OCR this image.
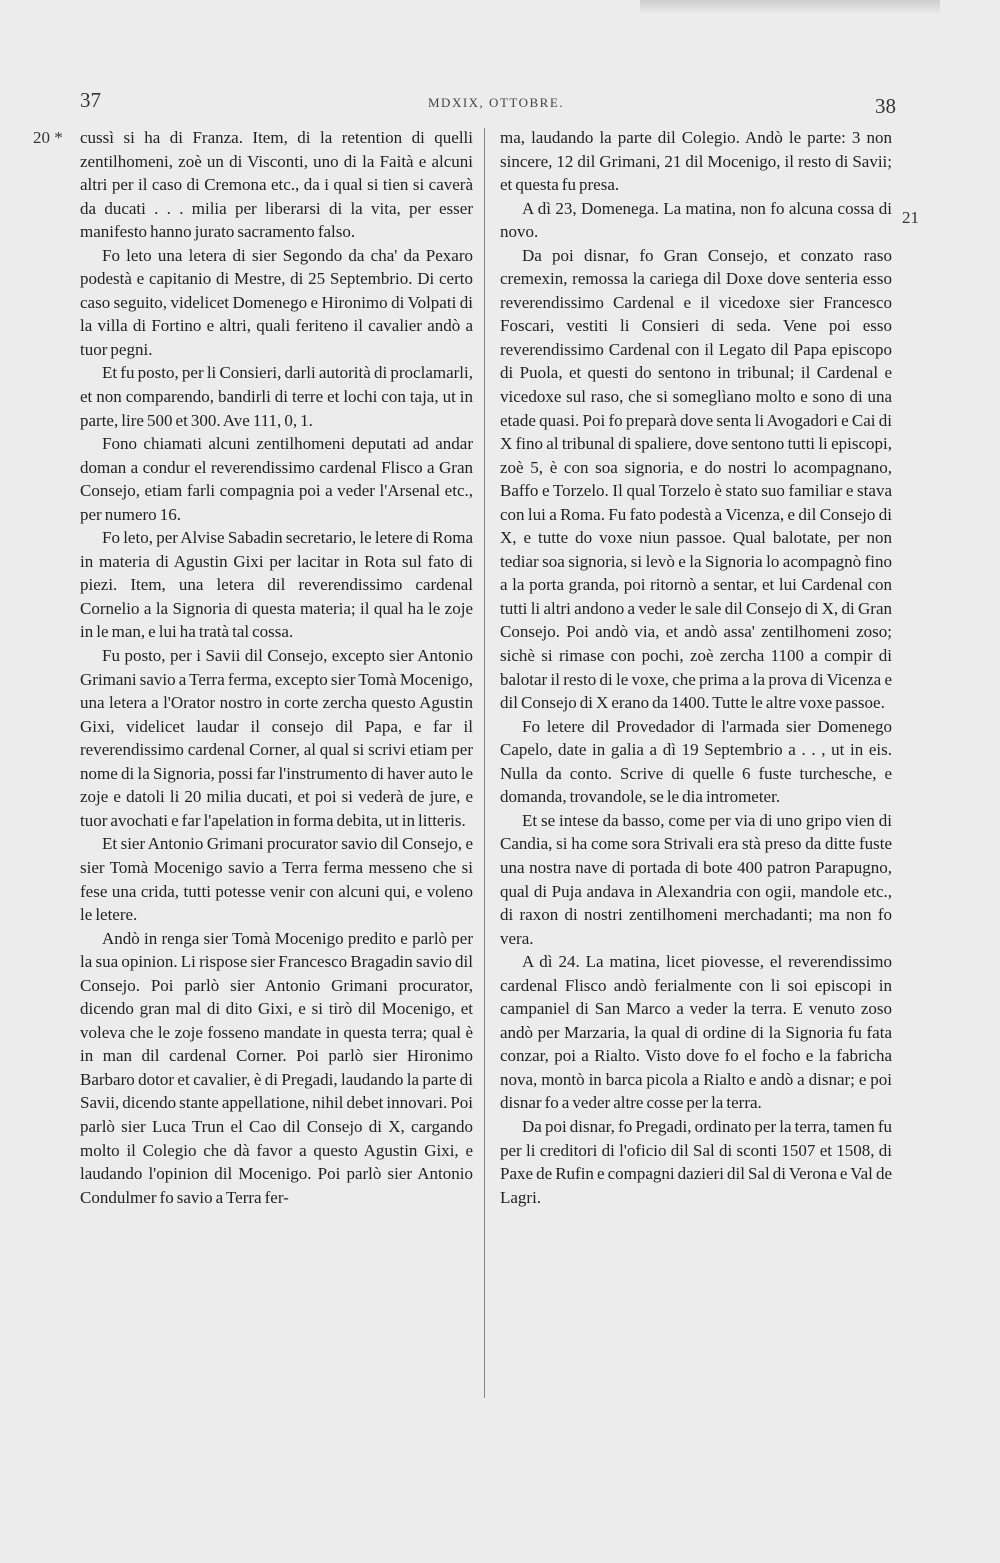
37	MDXIX, OTTOBRE.	38
20 *
21

cussì si ha di Franza. Item, di la retention di quelli zentilhomeni, zoè un di Visconti, uno di la Faità e alcuni altri per il caso di Cremona etc., da i qual si tien si caverà da ducati . . . milia per liberarsi di la vita, per esser manifesto hanno jurato sacramento falso.

Fo leto una letera di sier Segondo da cha' da Pexaro podestà e capitanio di Mestre, di 25 Septembrio. Di certo caso seguito, videlicet Domenego e Hironimo di Volpati di la villa di Fortino e altri, quali feriteno il cavalier andò a tuor pegni.

Et fu posto, per li Consieri, darli autorità di proclamarli, et non comparendo, bandirli di terre et lochi con taja, ut in parte, lire 500 et 300. Ave 111, 0, 1.

Fono chiamati alcuni zentilhomeni deputati ad andar doman a condur el reverendissimo cardenal Flisco a Gran Consejo, etiam farli compagnia poi a veder l'Arsenal etc., per numero 16.

Fo leto, per Alvise Sabadin secretario, le letere di Roma in materia di Agustin Gixi per lacitar in Rota sul fato di piezi. Item, una letera dil reverendissimo cardenal Cornelio a la Signoria di questa materia; il qual ha le zoje in le man, e lui ha tratà tal cossa.

Fu posto, per i Savii dil Consejo, excepto sier Antonio Grimani savio a Terra ferma, excepto sier Tomà Mocenigo, una letera a l'Orator nostro in corte zercha questo Agustin Gixi, videlicet laudar il consejo dil Papa, e far il reverendissimo cardenal Corner, al qual si scrivi etiam per nome di la Signoria, possi far l'instrumento di haver auto le zoje e datoli li 20 milia ducati, et poi si vederà de jure, e tuor avochati e far l'apelation in forma debita, ut in litteris.

Et sier Antonio Grimani procurator savio dil Consejo, e sier Tomà Mocenigo savio a Terra ferma messeno che si fese una crida, tutti potesse venir con alcuni qui, e voleno le letere.

Andò in renga sier Tomà Mocenigo predito e parlò per la sua opinion. Li rispose sier Francesco Bragadin savio dil Consejo. Poi parlò sier Antonio Grimani procurator, dicendo gran mal di dito Gixi, e si tirò dil Mocenigo, et voleva che le zoje fosseno mandate in questa terra; qual è in man dil cardenal Corner. Poi parlò sier Hironimo Barbaro dotor et cavalier, è di Pregadi, laudando la parte di Savii, dicendo stante appellatione, nihil debet innovari. Poi parlò sier Luca Trun el Cao dil Consejo di X, cargando molto il Colegio che dà favor a questo Agustin Gixi, e laudando l'opinion dil Mocenigo. Poi parlò sier Antonio Condulmer fo savio a Terra fer-

ma, laudando la parte dil Colegio. Andò le parte: 3 non sincere, 12 dil Grimani, 21 dil Mocenigo, il resto di Savii; et questa fu presa.

A dì 23, Domenega. La matina, non fo alcuna cossa di novo.

Da poi disnar, fo Gran Consejo, et conzato raso cremexin, remossa la cariega dil Doxe dove senteria esso reverendissimo Cardenal e il vicedoxe sier Francesco Foscari, vestiti li Consieri di seda. Vene poi esso reverendissimo Cardenal con il Legato dil Papa episcopo di Puola, et questi do sentono in tribunal; il Cardenal e vicedoxe sul raso, che si someglìano molto e sono di una etade quasi. Poi fo preparà dove senta li Avogadori e Cai di X fino al tribunal di spaliere, dove sentono tutti li episcopi, zoè 5, è con soa signoria, e do nostri lo acompagnano, Baffo e Torzelo. Il qual Torzelo è stato suo familiar e stava con lui a Roma. Fu fato podestà a Vicenza, e dil Consejo di X, e tutte do voxe niun passoe. Qual balotate, per non tediar soa signoria, si levò e la Signoria lo acompagnò fino a la porta granda, poi ritornò a sentar, et lui Cardenal con tutti li altri andono a veder le sale dil Consejo di X, di Gran Consejo. Poi andò via, et andò assa' zentilhomeni zoso; sichè si rimase con pochi, zoè zercha 1100 a compir di balotar il resto di le voxe, che prima a la prova di Vicenza e dil Consejo di X erano da 1400. Tutte le altre voxe passoe.

Fo letere dil Provedador di l'armada sier Domenego Capelo, date in galia a dì 19 Septembrio a . . , ut in eis. Nulla da conto. Scrive di quelle 6 fuste turchesche, e domanda, trovandole, se le dia intrometer.

Et se intese da basso, come per via di uno gripo vien di Candia, si ha come sora Strivali era stà preso da ditte fuste una nostra nave di portada di bote 400 patron Parapugno, qual di Puja andava in Alexandria con ogii, mandole etc., di raxon di nostri zentilhomeni merchadanti; ma non fo vera.

A dì 24. La matina, licet piovesse, el reverendissimo cardenal Flisco andò ferialmente con li soi episcopi in campaniel di San Marco a veder la terra. E venuto zoso andò per Marzaria, la qual di ordine di la Signoria fu fata conzar, poi a Rialto. Visto dove fo el focho e la fabricha nova, montò in barca picola a Rialto e andò a disnar; e poi disnar fo a veder altre cosse per la terra.

Da poi disnar, fo Pregadi, ordinato per la terra, tamen fu per li creditori di l'oficio dil Sal di sconti 1507 et 1508, di Paxe de Rufin e compagni dazieri dil Sal di Verona e Val de Lagri.
